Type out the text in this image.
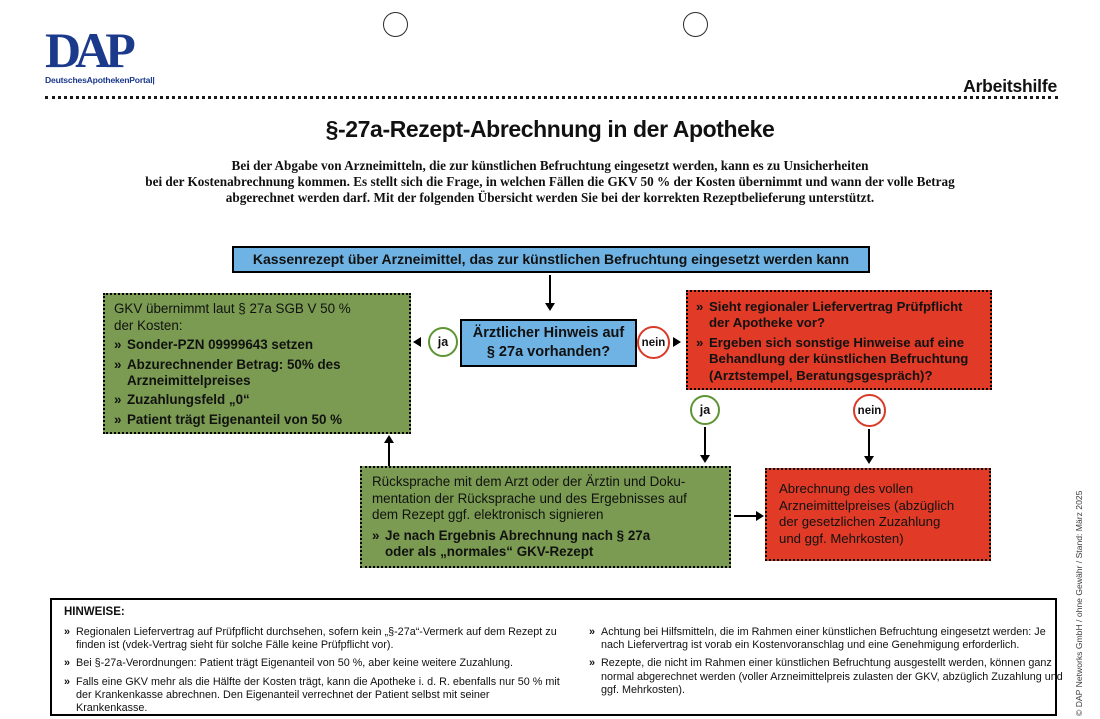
DAP
DeutschesApothekenPortal|	Arbeitshilfe
§-27a-Rezept-Abrechnung in der Apotheke
Bei der Abgabe von Arzneimitteln, die zur künstlichen Befruchtung eingesetzt werden, kann es zu Unsicherheiten
bei der Kostenabrechnung kommen. Es stellt sich die Frage, in welchen Fällen die GKV 50 % der Kosten übernimmt und wann der volle Betrag
abgerechnet werden darf. Mit der folgenden Übersicht werden Sie bei der korrekten Rezeptbelieferung unterstützt.
Kassenrezept über Arzneimittel, das zur künstlichen Befruchtung eingesetzt werden kann
Ärztlicher Hinweis auf
§ 27a vorhanden?
ja	nein
GKV übernimmt laut § 27a SGB V 50 %
der Kosten:
» Sonder-PZN 09999643 setzen
» Abzurechnender Betrag: 50% des Arzneimittelpreises
» Zuzahlungsfeld „0“
» Patient trägt Eigenanteil von 50 %
» Sieht regionaler Liefervertrag Prüfpflicht der Apotheke vor?
» Ergeben sich sonstige Hinweise auf eine Behandlung der künstlichen Befruchtung (Arztstempel, Beratungsgespräch)?
ja	nein
Rücksprache mit dem Arzt oder der Ärztin und Doku-
mentation der Rücksprache und des Ergebnisses auf
dem Rezept ggf. elektronisch signieren
» Je nach Ergebnis Abrechnung nach § 27a
oder als „normales“ GKV-Rezept
Abrechnung des vollen
Arzneimittelpreises (abzüglich
der gesetzlichen Zuzahlung
und ggf. Mehrkosten)
HINWEISE:
» Regionalen Liefervertrag auf Prüfpflicht durchsehen, sofern kein „§-27a“-Vermerk auf dem Rezept zu finden ist (vdek-Vertrag sieht für solche Fälle keine Prüfpflicht vor).
» Bei §-27a-Verordnungen: Patient trägt Eigenanteil von 50 %, aber keine weitere Zuzahlung.
» Falls eine GKV mehr als die Hälfte der Kosten trägt, kann die Apotheke i. d. R. ebenfalls nur 50 % mit der Krankenkasse abrechnen. Den Eigenanteil verrechnet der Patient selbst mit seiner Krankenkasse.
» Achtung bei Hilfsmitteln, die im Rahmen einer künstlichen Befruchtung eingesetzt werden: Je nach Liefervertrag ist vorab ein Kostenvoranschlag und eine Genehmigung erforderlich.
» Rezepte, die nicht im Rahmen einer künstlichen Befruchtung ausgestellt werden, können ganz normal abgerechnet werden (voller Arzneimittelpreis zulasten der GKV, abzüglich Zuzahlung und ggf. Mehrkosten).	© DAP Networks GmbH / ohne Gewähr / Stand: März 2025
